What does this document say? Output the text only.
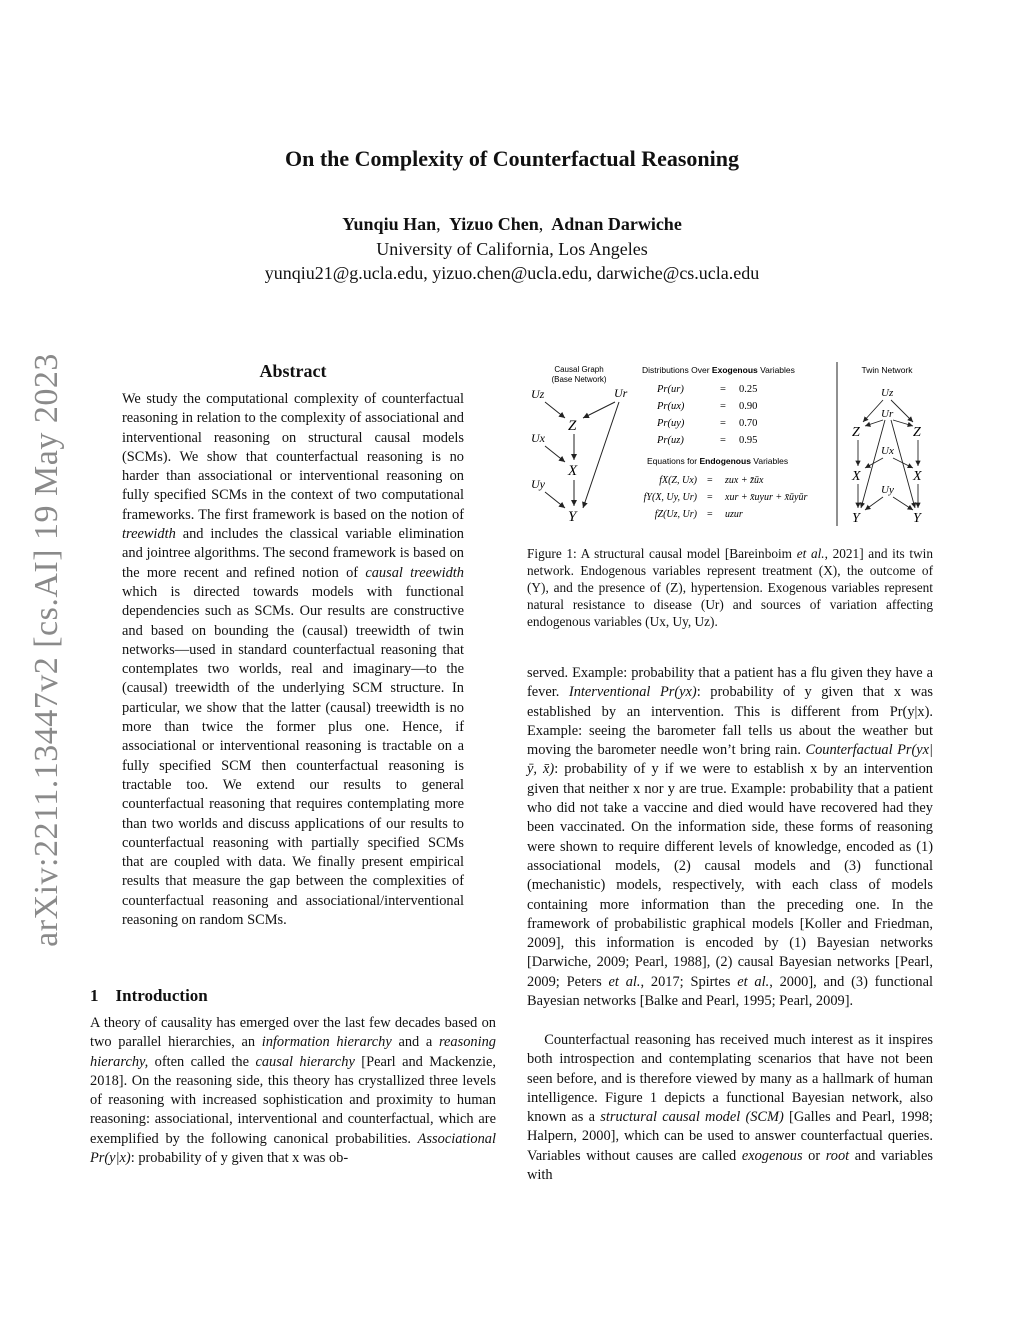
arXiv:2211.13447v2 [cs.AI] 19 May 2023
On the Complexity of Counterfactual Reasoning
Yunqiu Han, Yizuo Chen, Adnan Darwiche
University of California, Los Angeles
yunqiu21@g.ucla.edu, yizuo.chen@ucla.edu, darwiche@cs.ucla.edu
Abstract
We study the computational complexity of counterfactual reasoning in relation to the complexity of associational and interventional reasoning on structural causal models (SCMs). We show that counterfactual reasoning is no harder than associational or interventional reasoning on fully specified SCMs in the context of two computational frameworks. The first framework is based on the notion of treewidth and includes the classical variable elimination and jointree algorithms. The second framework is based on the more recent and refined notion of causal treewidth which is directed towards models with functional dependencies such as SCMs. Our results are constructive and based on bounding the (causal) treewidth of twin networks—used in standard counterfactual reasoning that contemplates two worlds, real and imaginary—to the (causal) treewidth of the underlying SCM structure. In particular, we show that the latter (causal) treewidth is no more than twice the former plus one. Hence, if associational or interventional reasoning is tractable on a fully specified SCM then counterfactual reasoning is tractable too. We extend our results to general counterfactual reasoning that requires contemplating more than two worlds and discuss applications of our results to counterfactual reasoning with partially specified SCMs that are coupled with data. We finally present empirical results that measure the gap between the complexities of counterfactual reasoning and associational/interventional reasoning on random SCMs.
1    Introduction
A theory of causality has emerged over the last few decades based on two parallel hierarchies, an information hierarchy and a reasoning hierarchy, often called the causal hierarchy [Pearl and Mackenzie, 2018]. On the reasoning side, this theory has crystallized three levels of reasoning with increased sophistication and proximity to human reasoning: associational, interventional and counterfactual, which are exemplified by the following canonical probabilities. Associational Pr(y|x): probability of y given that x was ob-
Causal Graph
(Base Network)
Uz	Ur
Ux
Uy
Z
X
Y
Distributions Over Exogenous Variables
Pr(ur)	= 0.25
Pr(ux)	= 0.90
Pr(uy)	= 0.70
Pr(uz)	= 0.95
Equations for Endogenous Variables
fX(Z, Ux) = zux + z̄ūx
fY(X, Uy, Ur) = xur + x̄uyur + x̄ūyūr
fZ(Uz, Ur) = uzur
Twin Network
Uz
Ur
Z	Z
Ux
X	X
Uy
Y	Y
Figure 1: A structural causal model [Bareinboim et al., 2021] and its twin network. Endogenous variables represent treatment (X), the outcome of (Y), and the presence of (Z), hypertension. Exogenous variables represent natural resistance to disease (Ur) and sources of variation affecting endogenous variables (Ux, Uy, Uz).
served. Example: probability that a patient has a flu given they have a fever. Interventional Pr(yx): probability of y given that x was established by an intervention. This is different from Pr(y|x). Example: seeing the barometer fall tells us about the weather but moving the barometer needle won’t bring rain. Counterfactual Pr(yx|ȳ, x̄): probability of y if we were to establish x by an intervention given that neither x nor y are true. Example: probability that a patient who did not take a vaccine and died would have recovered had they been vaccinated. On the information side, these forms of reasoning were shown to require different levels of knowledge, encoded as (1) associational models, (2) causal models and (3) functional (mechanistic) models, respectively, with each class of models containing more information than the preceding one. In the framework of probabilistic graphical models [Koller and Friedman, 2009], this information is encoded by (1) Bayesian networks [Darwiche, 2009; Pearl, 1988], (2) causal Bayesian networks [Pearl, 2009; Peters et al., 2017; Spirtes et al., 2000], and (3) functional Bayesian networks [Balke and Pearl, 1995; Pearl, 2009].
Counterfactual reasoning has received much interest as it inspires both introspection and contemplating scenarios that have not been seen before, and is therefore viewed by many as a hallmark of human intelligence. Figure 1 depicts a functional Bayesian network, also known as a structural causal model (SCM) [Galles and Pearl, 1998; Halpern, 2000], which can be used to answer counterfactual queries. Variables without causes are called exogenous or root and variables with
